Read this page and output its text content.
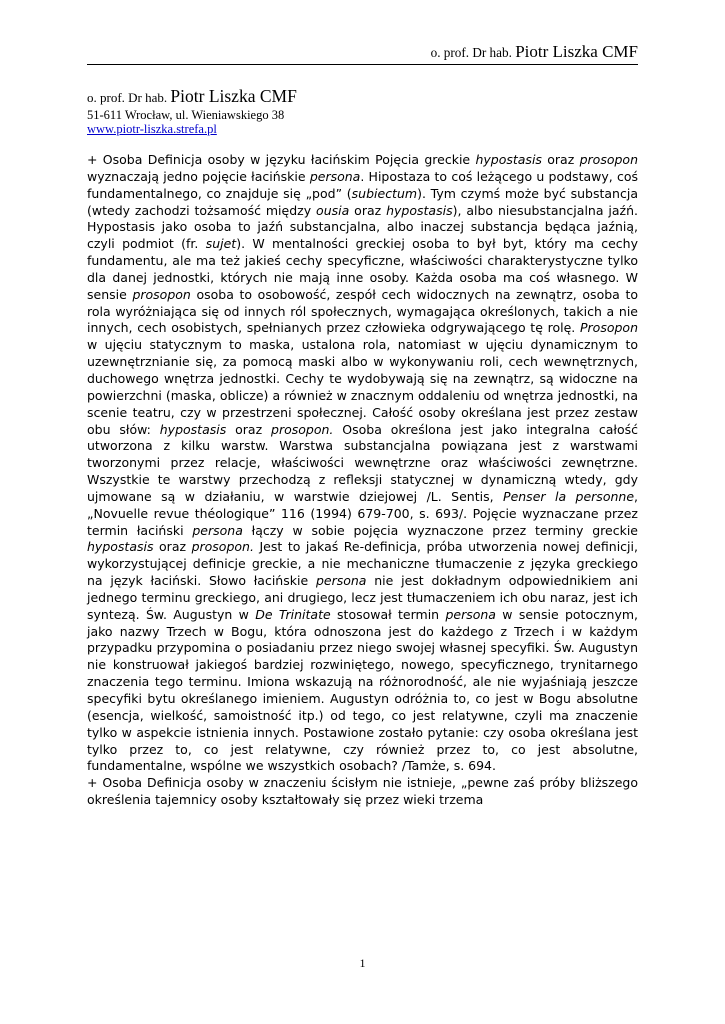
o. prof. Dr hab. Piotr Liszka CMF
o. prof. Dr hab. Piotr Liszka CMF
51-611 Wrocław, ul. Wieniawskiego 38
www.piotr-liszka.strefa.pl

+ Osoba Definicja osoby w języku łacińskim Pojęcia greckie hypostasis oraz prosopon wyznaczają jedno pojęcie łacińskie persona. Hipostaza to coś leżącego u podstawy, coś fundamentalnego, co znajduje się „pod” (subiectum). Tym czymś może być substancja (wtedy zachodzi tożsamość między ousia oraz hypostasis), albo niesubstancjalna jaźń. Hypostasis jako osoba to jaźń substancjalna, albo inaczej substancja będąca jaźnią, czyli podmiot (fr. sujet). W mentalności greckiej osoba to był byt, który ma cechy fundamentu, ale ma też jakieś cechy specyficzne, właściwości charakterystyczne tylko dla danej jednostki, których nie mają inne osoby. Każda osoba ma coś własnego. W sensie prosopon osoba to osobowość, zespół cech widocznych na zewnątrz, osoba to rola wyróżniająca się od innych ról społecznych, wymagająca określonych, takich a nie innych, cech osobistych, spełnianych przez człowieka odgrywającego tę rolę. Prosopon w ujęciu statycznym to maska, ustalona rola, natomiast w ujęciu dynamicznym to uzewnętrznianie się, za pomocą maski albo w wykonywaniu roli, cech wewnętrznych, duchowego wnętrza jednostki. Cechy te wydobywają się na zewnątrz, są widoczne na powierzchni (maska, oblicze) a również w znacznym oddaleniu od wnętrza jednostki, na scenie teatru, czy w przestrzeni społecznej. Całość osoby określana jest przez zestaw obu słów: hypostasis oraz prosopon. Osoba określona jest jako integralna całość utworzona z kilku warstw. Warstwa substancjalna powiązana jest z warstwami tworzonymi przez relacje, właściwości wewnętrzne oraz właściwości zewnętrzne. Wszystkie te warstwy przechodzą z refleksji statycznej w dynamiczną wtedy, gdy ujmowane są w działaniu, w warstwie dziejowej /L. Sentis, Penser la personne, „Novuelle revue théologique” 116 (1994) 679-700, s. 693/. Pojęcie wyznaczane przez termin łaciński persona łączy w sobie pojęcia wyznaczone przez terminy greckie hypostasis oraz prosopon. Jest to jakaś Re-definicja, próba utworzenia nowej definicji, wykorzystującej definicje greckie, a nie mechaniczne tłumaczenie z języka greckiego na język łaciński. Słowo łacińskie persona nie jest dokładnym odpowiednikiem ani jednego terminu greckiego, ani drugiego, lecz jest tłumaczeniem ich obu naraz, jest ich syntezą. Św. Augustyn w De Trinitate stosował termin persona w sensie potocznym, jako nazwy Trzech w Bogu, która odnoszona jest do każdego z Trzech i w każdym przypadku przypomina o posiadaniu przez niego swojej własnej specyfiki. Św. Augustyn nie konstruował jakiegoś bardziej rozwiniętego, nowego, specyficznego, trynitarnego znaczenia tego terminu. Imiona wskazują na różnorodność, ale nie wyjaśniają jeszcze specyfiki bytu określanego imieniem. Augustyn odróżnia to, co jest w Bogu absolutne (esencja, wielkość, samoistność itp.) od tego, co jest relatywne, czyli ma znaczenie tylko w aspekcie istnienia innych. Postawione zostało pytanie: czy osoba określana jest tylko przez to, co jest relatywne, czy również przez to, co jest absolutne, fundamentalne, wspólne we wszystkich osobach? /Tamże, s. 694.

+ Osoba Definicja osoby w znaczeniu ścisłym nie istnieje, „pewne zaś próby bliższego określenia tajemnicy osoby kształtowały się przez wieki trzema

1
